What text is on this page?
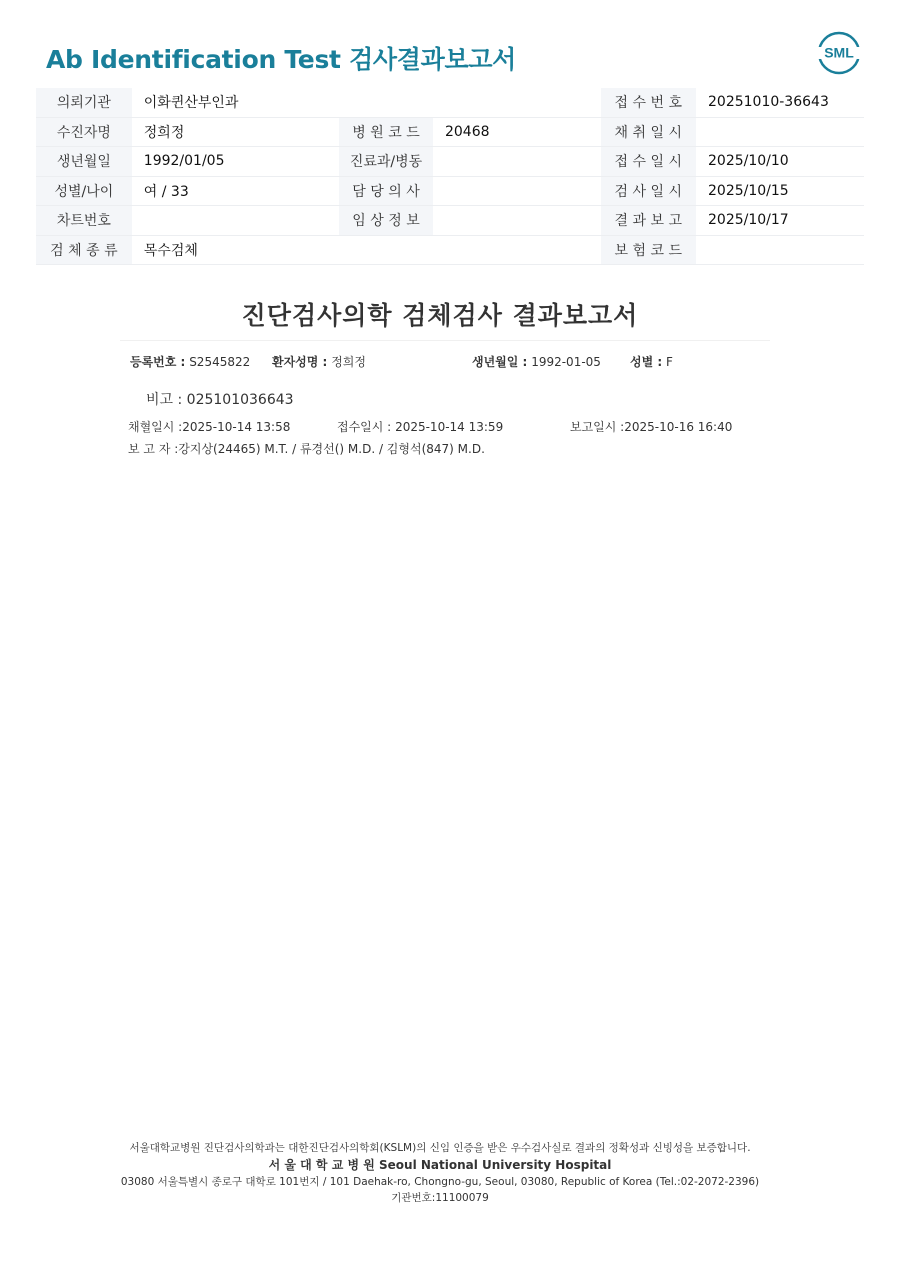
Ab Identification Test 검사결과보고서	SML
의뢰기관	이화퀸산부인과			접 수 번 호	20251010-36643
수진자명	정희정	병 원 코 드	20468	채 취 일 시	
생년월일	1992/01/05	진료과/병동		접 수 일 시	2025/10/10
성별/나이	여 / 33	담 당 의 사		검 사 일 시	2025/10/15
차트번호		임 상 정 보		결 과 보 고	2025/10/17
검 체 종 류	목수검체			보 험 코 드	
진단검사의학 검체검사 결과보고서
등록번호 : S2545822 환자성명 : 정희정	생년월일 : 1992-01-05 성별 : F
비고 : 025101036643
채혈일시 :2025-10-14 13:58	접수일시 : 2025-10-14 13:59	보고일시 :2025-10-16 16:40
보 고 자 :강지상(24465) M.T. / 류경선() M.D. / 김형석(847) M.D.
서울대학교병원 진단검사의학과는 대한진단검사의학회(KSLM)의 신임 인증을 받은 우수검사실로 결과의 정확성과 신빙성을 보증합니다.
서 울 대 학 교 병 원 Seoul National University Hospital
03080 서울특별시 종로구 대학로 101번지 / 101 Daehak-ro, Chongno-gu, Seoul, 03080, Republic of Korea (Tel.:02-2072-2396)
기관번호:11100079
